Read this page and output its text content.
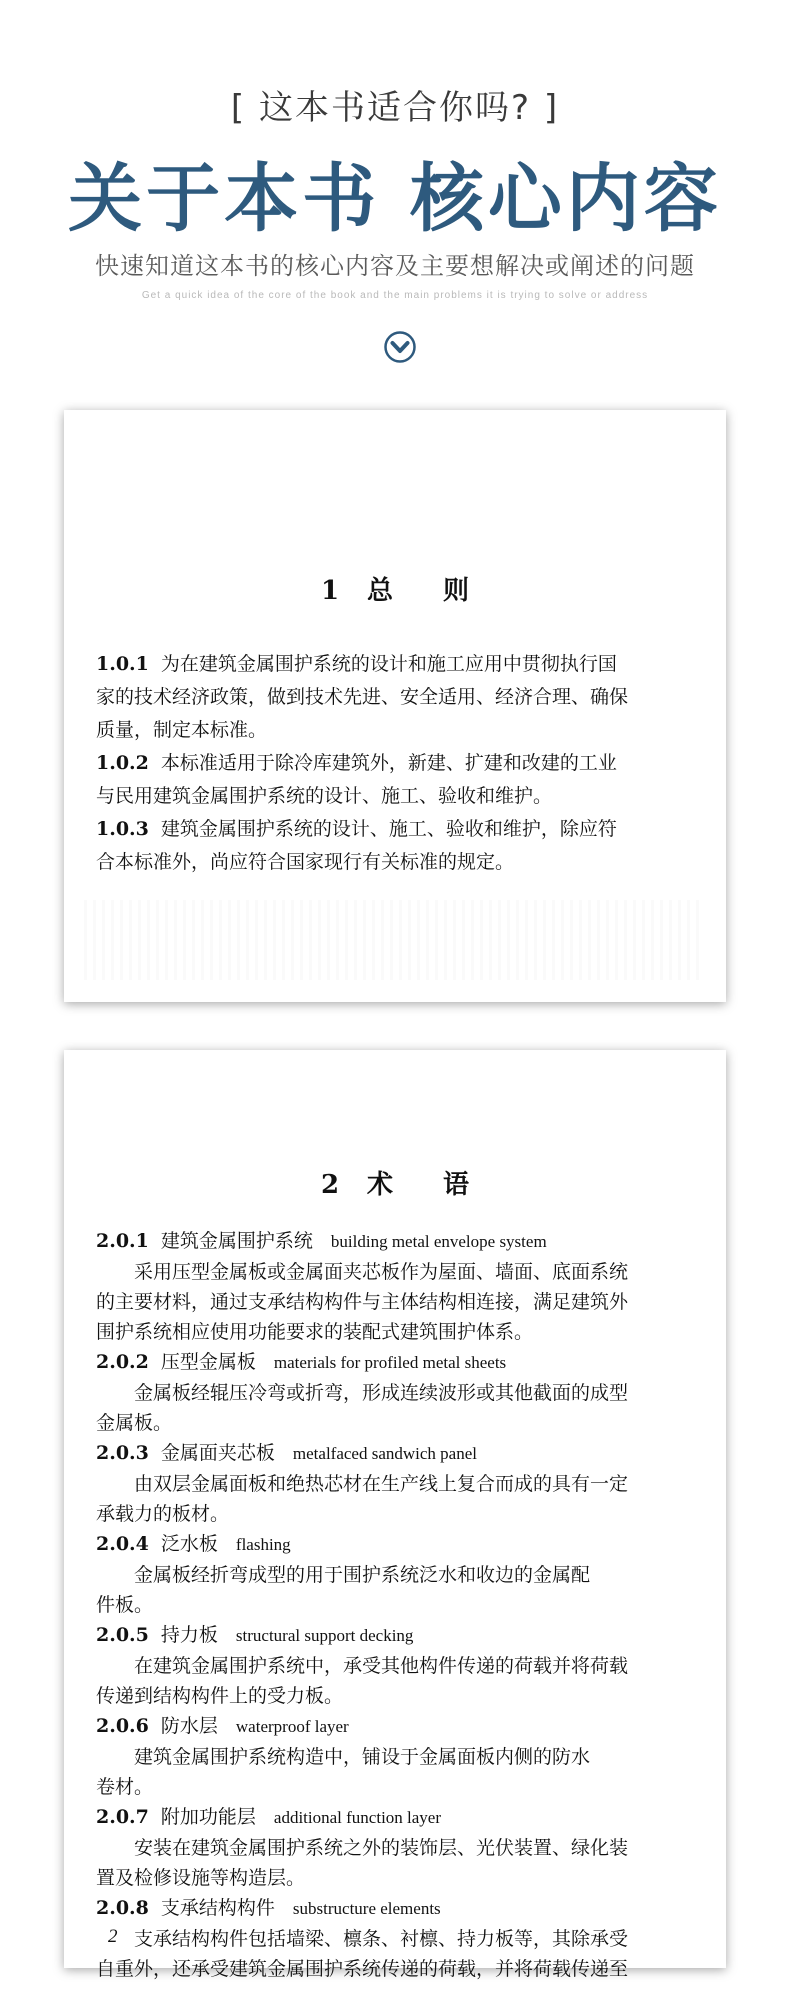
[ 这本书适合你吗? ]
关于本书 核心内容
快速知道这本书的核心内容及主要想解决或阐述的问题
Get a quick idea of the core of the book and the main problems it is trying to solve or address
1 总 则

1.0.1 为在建筑金属围护系统的设计和施工应用中贯彻执行国

家的技术经济政策，做到技术先进、安全适用、经济合理、确保

质量，制定本标准。

1.0.2 本标准适用于除冷库建筑外，新建、扩建和改建的工业

与民用建筑金属围护系统的设计、施工、验收和维护。

1.0.3 建筑金属围护系统的设计、施工、验收和维护，除应符

合本标准外，尚应符合国家现行有关标准的规定。

2 术 语

2.0.1 建筑金属围护系统 building metal envelope system

采用压型金属板或金属面夹芯板作为屋面、墙面、底面系统

的主要材料，通过支承结构构件与主体结构相连接，满足建筑外

围护系统相应使用功能要求的装配式建筑围护体系。

2.0.2 压型金属板 materials for profiled metal sheets

金属板经辊压冷弯或折弯，形成连续波形或其他截面的成型

金属板。

2.0.3 金属面夹芯板 metalfaced sandwich panel

由双层金属面板和绝热芯材在生产线上复合而成的具有一定

承载力的板材。

2.0.4 泛水板 flashing

金属板经折弯成型的用于围护系统泛水和收边的金属配

件板。

2.0.5 持力板 structural support decking

在建筑金属围护系统中，承受其他构件传递的荷载并将荷载

传递到结构构件上的受力板。

2.0.6 防水层 waterproof layer

建筑金属围护系统构造中，铺设于金属面板内侧的防水

卷材。

2.0.7 附加功能层 additional function layer

安装在建筑金属围护系统之外的装饰层、光伏装置、绿化装

置及检修设施等构造层。

2.0.8 支承结构构件 substructure elements

支承结构构件包括墙梁、檩条、衬檩、持力板等，其除承受

自重外，还承受建筑金属围护系统传递的荷载，并将荷载传递至

2
